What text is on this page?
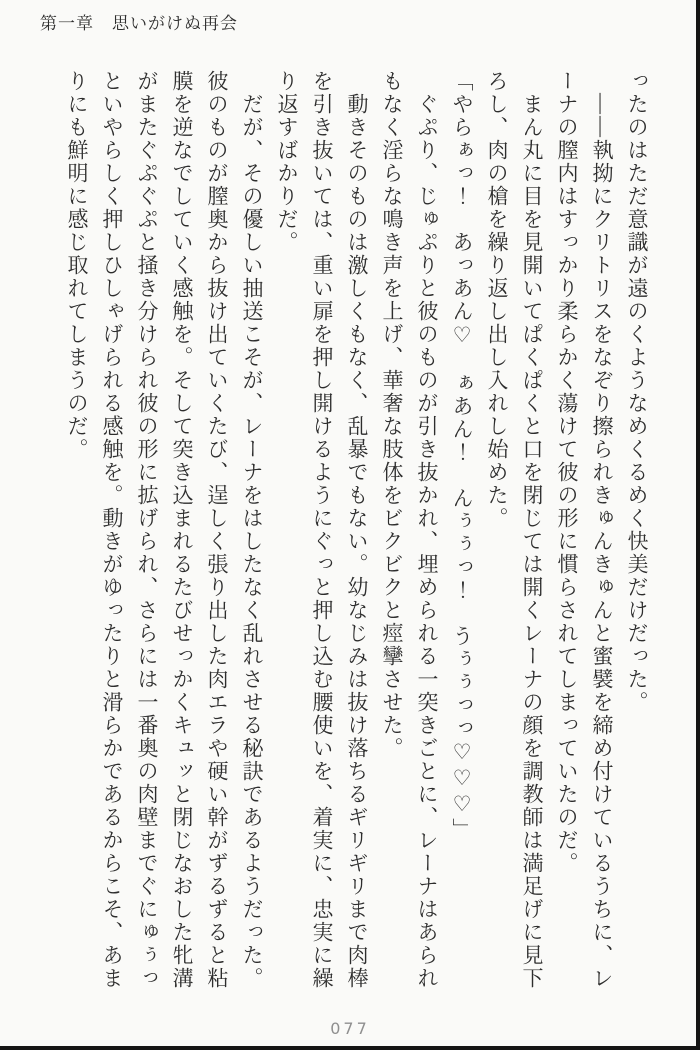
第一章　思いがけぬ再会

ったのはただ意識が遠のくようなめくるめく快美だけだった。

――執拗にクリトリスをなぞり擦られきゅんきゅんと蜜襞を締め付けているうちに、レーナの膣内はすっかり柔らかく蕩けて彼の形に慣らされてしまっていたのだ。

まん丸に目を見開いてぱくぱくと口を閉じては開くレーナの顔を調教師は満足げに見下ろし、肉の槍を繰り返し出し入れし始めた。

「やらぁっ！　あっあん♡　ぁあん！　んぅぅっ！　うぅぅっっ♡♡♡」

ぐぷり、じゅぷりと彼のものが引き抜かれ、埋められる一突きごとに、レーナはあられもなく淫らな鳴き声を上げ、華奢な肢体をビクビクと痙攣させた。

動きそのものは激しくもなく、乱暴でもない。幼なじみは抜け落ちるギリギリまで肉棒を引き抜いては、重い扉を押し開けるようにぐっと押し込む腰使いを、着実に、忠実に繰り返すばかりだ。

だが、その優しい抽送こそが、レーナをはしたなく乱れさせる秘訣であるようだった。彼のものが膣奥から抜け出ていくたび、逞しく張り出した肉エラや硬い幹がずるずると粘膜を逆なでしていく感触を。そして突き込まれるたびせっかくキュッと閉じなおした牝溝がまたぐぷぐぷと掻き分けられ彼の形に拡げられ、さらには一番奥の肉壁までぐにゅぅっといやらしく押しひしゃげられる感触を。動きがゆったりと滑らかであるからこそ、あまりにも鮮明に感じ取れてしまうのだ。

077
